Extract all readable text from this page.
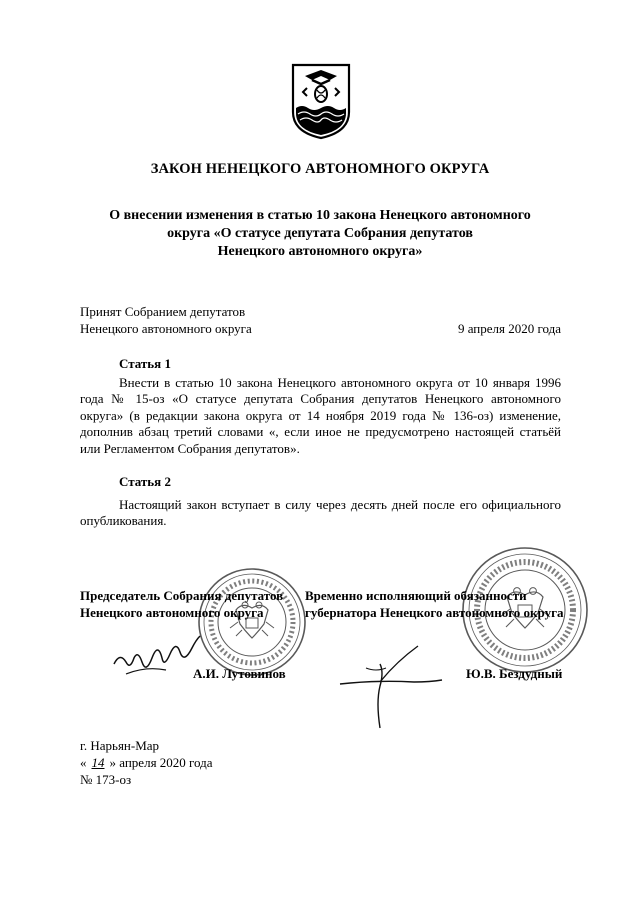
ЗАКОН НЕНЕЦКОГО АВТОНОМНОГО ОКРУГА
О внесении изменения в статью 10 закона Ненецкого автономного
округа «О статусе депутата Собрания депутатов
Ненецкого автономного округа»
Принят Собранием депутатов
Ненецкого автономного округа	9 апреля 2020 года
Статья 1
Внести в статью 10 закона Ненецкого автономного округа от 10 января 1996 года № 15-оз «О статусе депутата Собрания депутатов Ненецкого автономного округа» (в редакции закона округа от 14 ноября 2019 года № 136-оз) изменение, дополнив абзац третий словами «, если иное не предусмотрено настоящей статьёй или Регламентом Собрания депутатов».
Статья 2
Настоящий закон вступает в силу через десять дней после его официального опубликования.
Председатель Собрания депутатов
Ненецкого автономного округа
А.И. Лутовинов
Временно исполняющий обязанности
губернатора Ненецкого автономного округа
Ю.В. Бездудный
г. Нарьян-Мар
« 14 » апреля 2020 года
№ 173-оз
